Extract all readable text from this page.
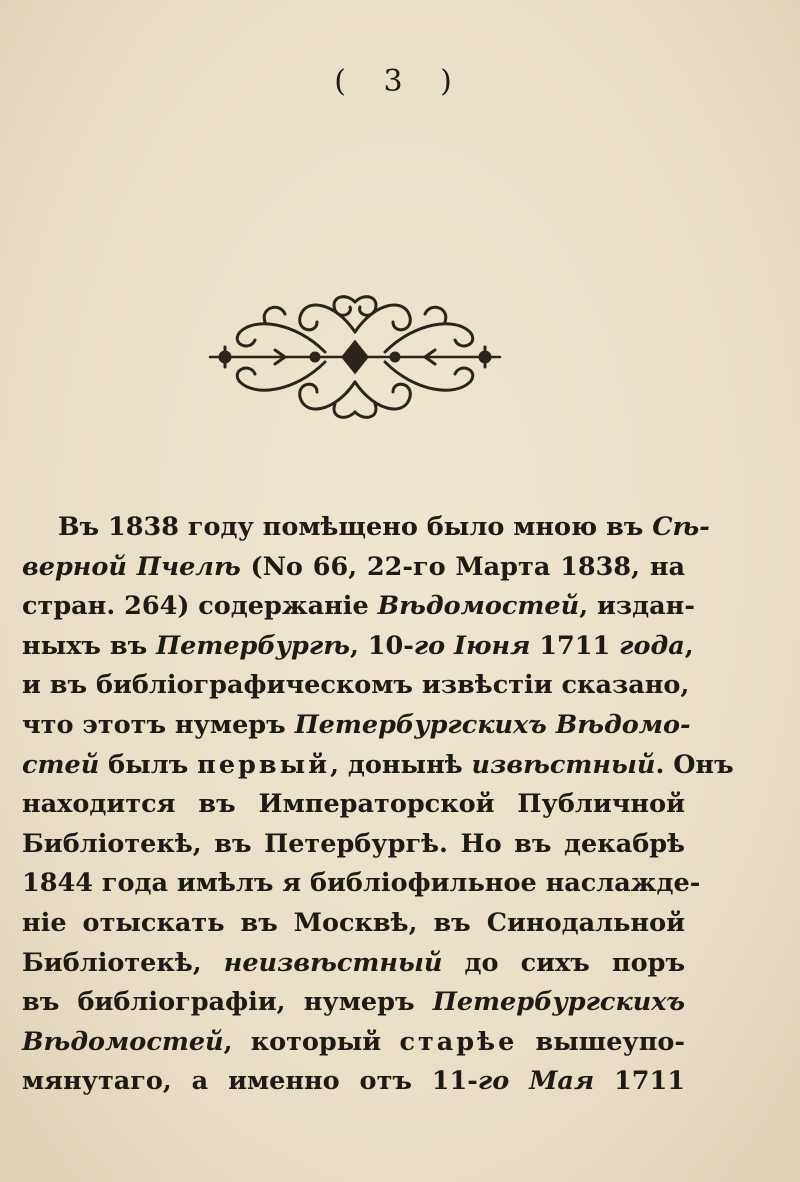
( 3 )
Въ 1838 году помѣщено было мною въ Сѣ-
верной Пчелѣ (No 66, 22-го Марта 1838, на
стран. 264) содержаніе Вѣдомостей, издан-
ныхъ въ Петербургѣ, 10-го Іюня 1711 года,
и въ библіографическомъ извѣстіи сказано,
что этотъ нумеръ Петербургскихъ Вѣдомо-
стей былъ первый, донынѣ извѣстный. Онъ
находится въ Императорской Публичной
Библіотекѣ, въ Петербургѣ. Но въ декабрѣ
1844 года имѣлъ я библіофильное наслажде-
ніе отыскать въ Москвѣ, въ Синодальной
Библіотекѣ, неизвѣстный до сихъ поръ
въ библіографіи, нумеръ Петербургскихъ
Вѣдомостей, который старѣе вышеупо-
мянутаго, а именно отъ 11-го Мая 1711
